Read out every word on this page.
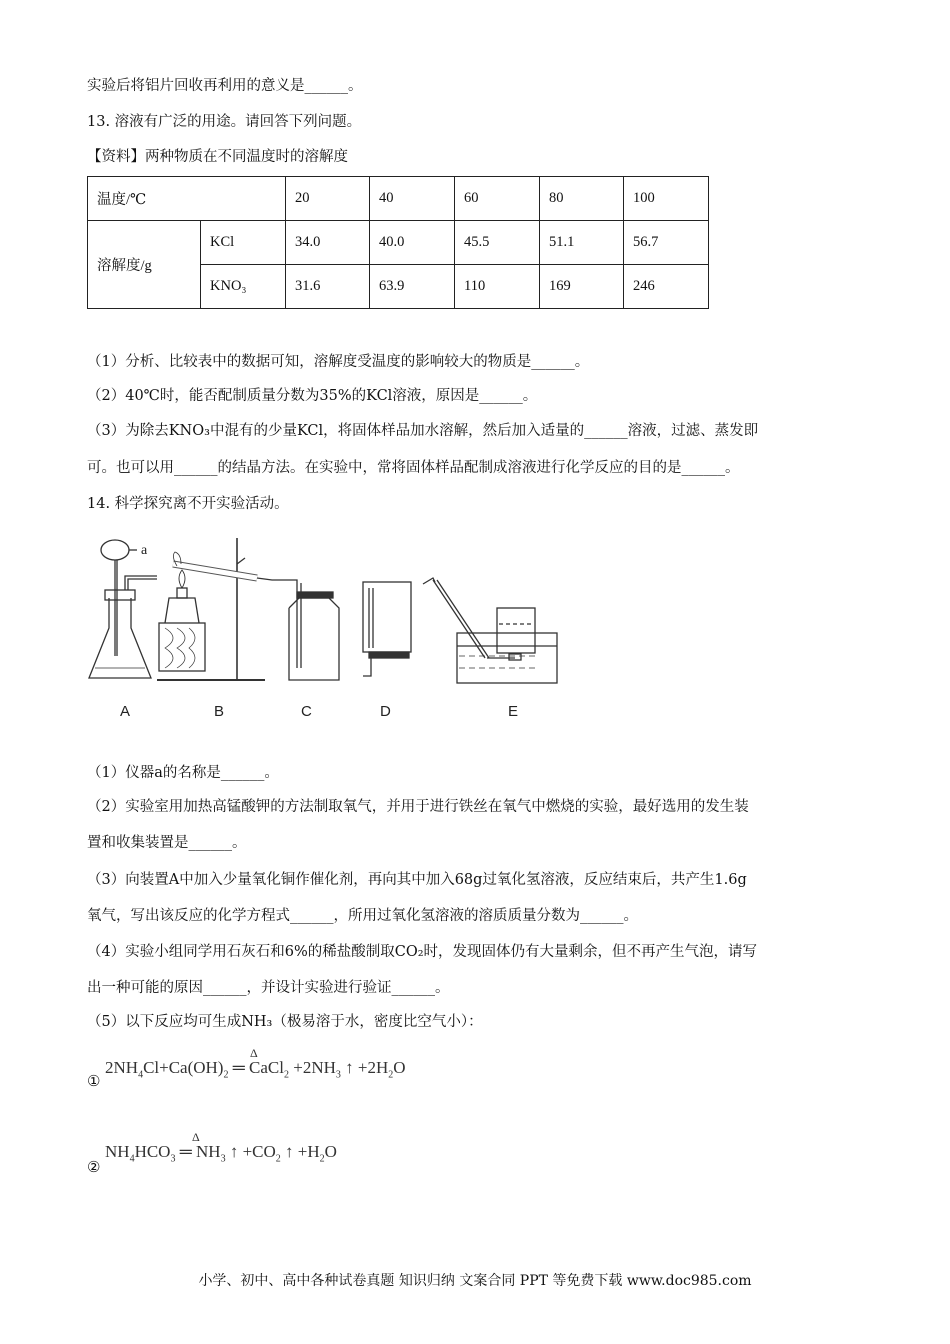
实验后将铝片回收再利用的意义是______。
13. 溶液有广泛的用途。请回答下列问题。
【资料】两种物质在不同温度时的溶解度
温度/℃		20	40	60	80	100
溶解度/g	KCl	34.0	40.0	45.5	51.1	56.7
	KNO₃	31.6	63.9	110	169	246
（1）分析、比较表中的数据可知，溶解度受温度的影响较大的物质是______。
（2）40℃时，能否配制质量分数为35%的KCl溶液，原因是______。
（3）为除去KNO₃中混有的少量KCl，将固体样品加水溶解，然后加入适量的______溶液，过滤、蒸发即
可。也可以用______的结晶方法。在实验中，常将固体样品配制成溶液进行化学反应的目的是______。
14. 科学探究离不开实验活动。
a
A	B	C	D	E
（1）仪器a的名称是______。
（2）实验室用加热高锰酸钾的方法制取氧气，并用于进行铁丝在氧气中燃烧的实验，最好选用的发生装
置和收集装置是______。
（3）向装置A中加入少量氧化铜作催化剂，再向其中加入68g过氧化氢溶液，反应结束后，共产生1.6g
氧气，写出该反应的化学方程式______，所用过氧化氢溶液的溶质质量分数为______。
（4）实验小组同学用石灰石和6%的稀盐酸制取CO₂时，发现固体仍有大量剩余，但不再产生气泡，请写
出一种可能的原因______，并设计实验进行验证______。
（5）以下反应均可生成NH₃（极易溶于水，密度比空气小）：
①
Δ
$2NH_4Cl+Ca(OH)_2$ ═ CaCl$_2$ $+2NH_3$ ↑ $+2H_2O$
②
Δ
$NH_4HCO_3$ ═ $NH_3$ ↑ $+CO_2$ ↑ $+H_2O$
小学、初中、高中各种试卷真题 知识归纳 文案合同 PPT 等免费下载 www.doc985.com
